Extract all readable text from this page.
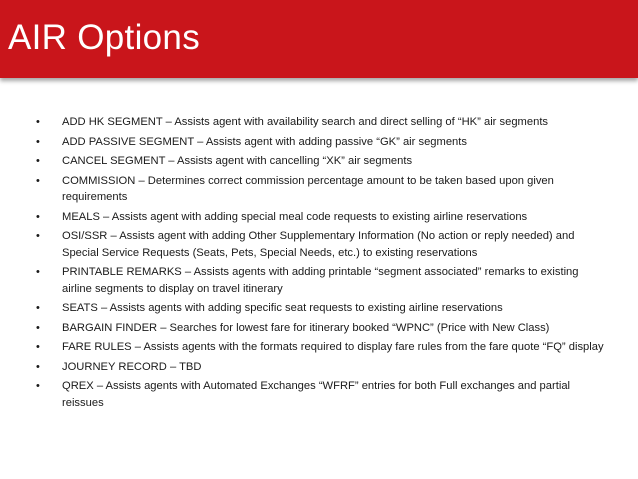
AIR Options
• ADD HK SEGMENT – Assists agent with availability search and direct selling of “HK” air segments
• ADD PASSIVE SEGMENT – Assists agent with adding passive “GK” air segments
• CANCEL SEGMENT – Assists agent with cancelling “XK” air segments
• COMMISSION – Determines correct commission percentage amount to be taken based upon given requirements
• MEALS – Assists agent with adding special meal code requests to existing airline reservations
• OSI/SSR – Assists agent with adding Other Supplementary Information (No action or reply needed) and Special Service Requests (Seats, Pets, Special Needs, etc.) to existing reservations
• PRINTABLE REMARKS – Assists agents with adding printable “segment associated” remarks to existing airline segments to display on travel itinerary
• SEATS – Assists agents with adding specific seat requests to existing airline reservations
• BARGAIN FINDER – Searches for lowest fare for itinerary booked “WPNC” (Price with New Class)
• FARE RULES – Assists agents with the formats required to display fare rules from the fare quote “FQ” display
• JOURNEY RECORD – TBD
• QREX – Assists agents with Automated Exchanges “WFRF” entries for both Full exchanges and partial reissues
